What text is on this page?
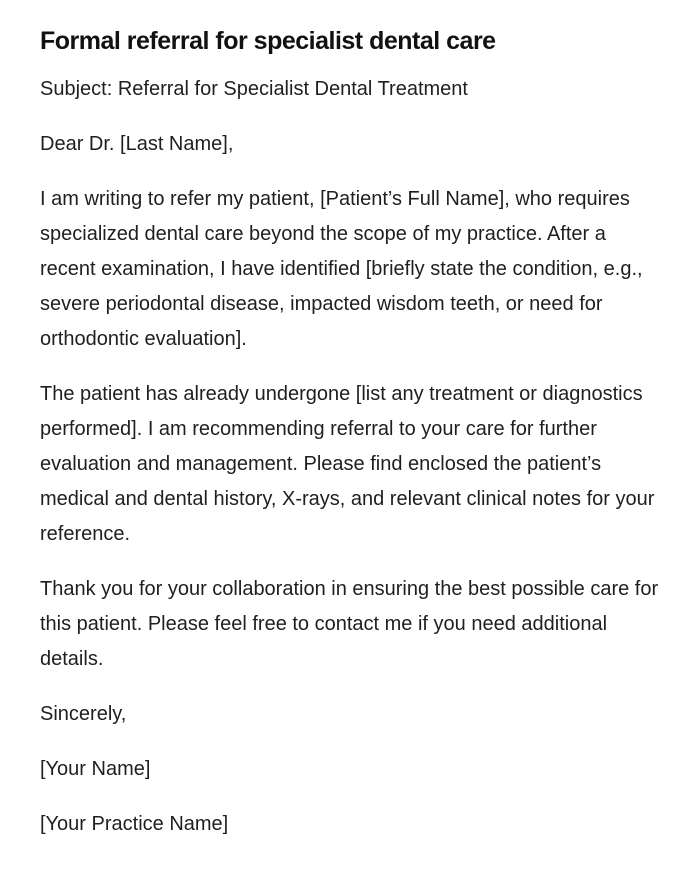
Formal referral for specialist dental care

Subject: Referral for Specialist Dental Treatment

Dear Dr. [Last Name],

I am writing to refer my patient, [Patient’s Full Name], who requires specialized dental care beyond the scope of my practice. After a recent examination, I have identified [briefly state the condition, e.g., severe periodontal disease, impacted wisdom teeth, or need for orthodontic evaluation].

The patient has already undergone [list any treatment or diagnostics performed]. I am recommending referral to your care for further evaluation and management. Please find enclosed the patient’s medical and dental history, X-rays, and relevant clinical notes for your reference.

Thank you for your collaboration in ensuring the best possible care for this patient. Please feel free to contact me if you need additional details.

Sincerely,

[Your Name]

[Your Practice Name]
